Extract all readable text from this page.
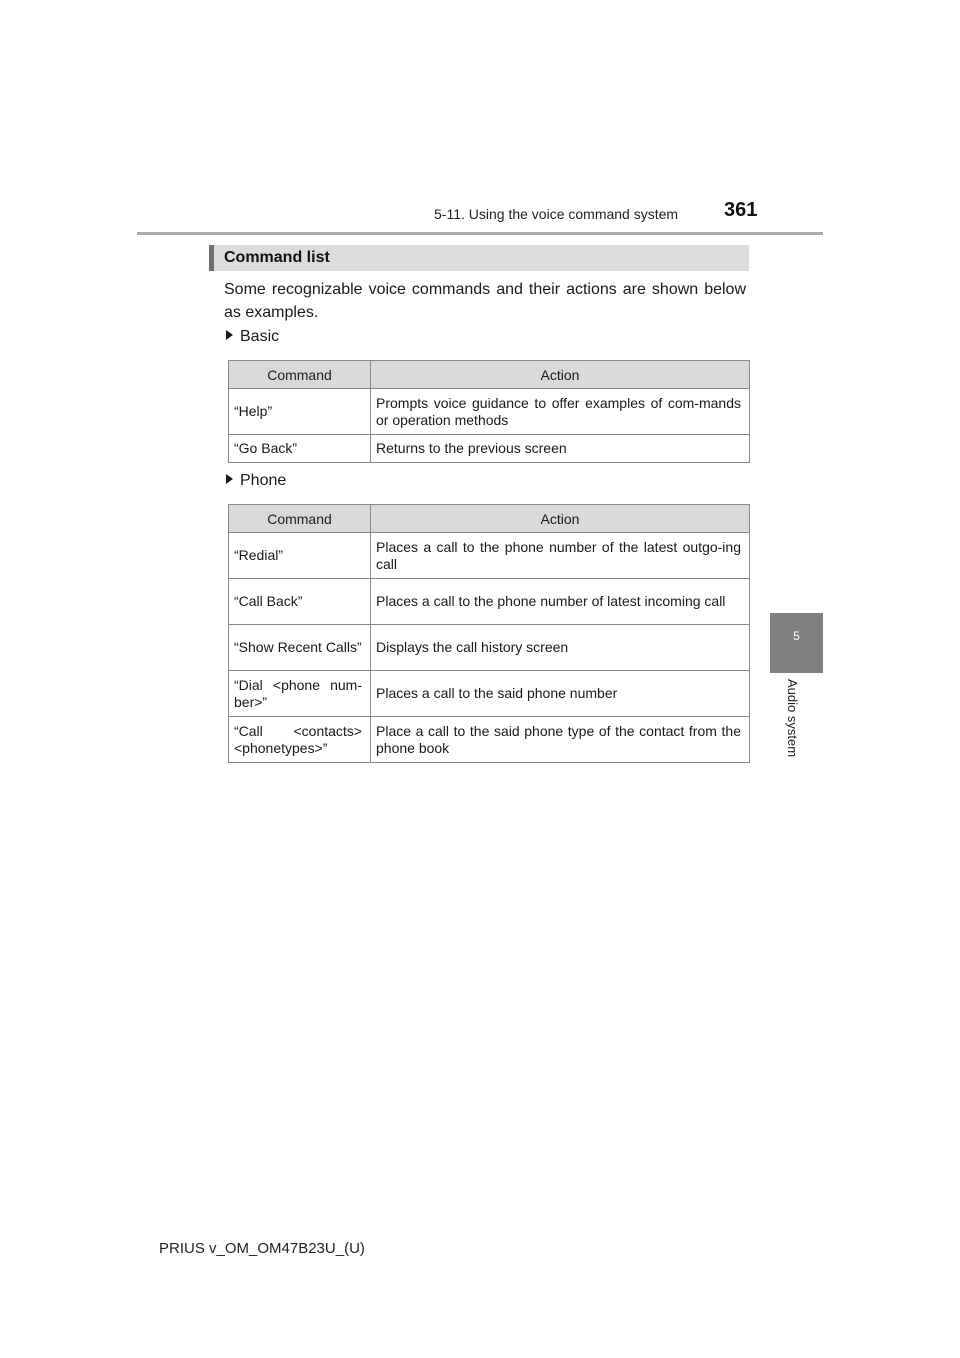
5-11. Using the voice command system 361
5
Audio system
Command list
Some recognizable voice commands and their actions are shown below as examples.
Basic
Command	Action
“Help”	Prompts voice guidance to offer examples of com-mands or operation methods
“Go Back”	Returns to the previous screen
Phone
Command	Action
“Redial”	Places a call to the phone number of the latest outgo-ing call
“Call Back”	Places a call to the phone number of latest incoming call
“Show Recent Calls”	Displays the call history screen
“Dial <phone num-ber>”	Places a call to the said phone number
“Call <contacts> <phonetypes>”	Place a call to the said phone type of the contact from the phone book
PRIUS v_OM_OM47B23U_(U)
